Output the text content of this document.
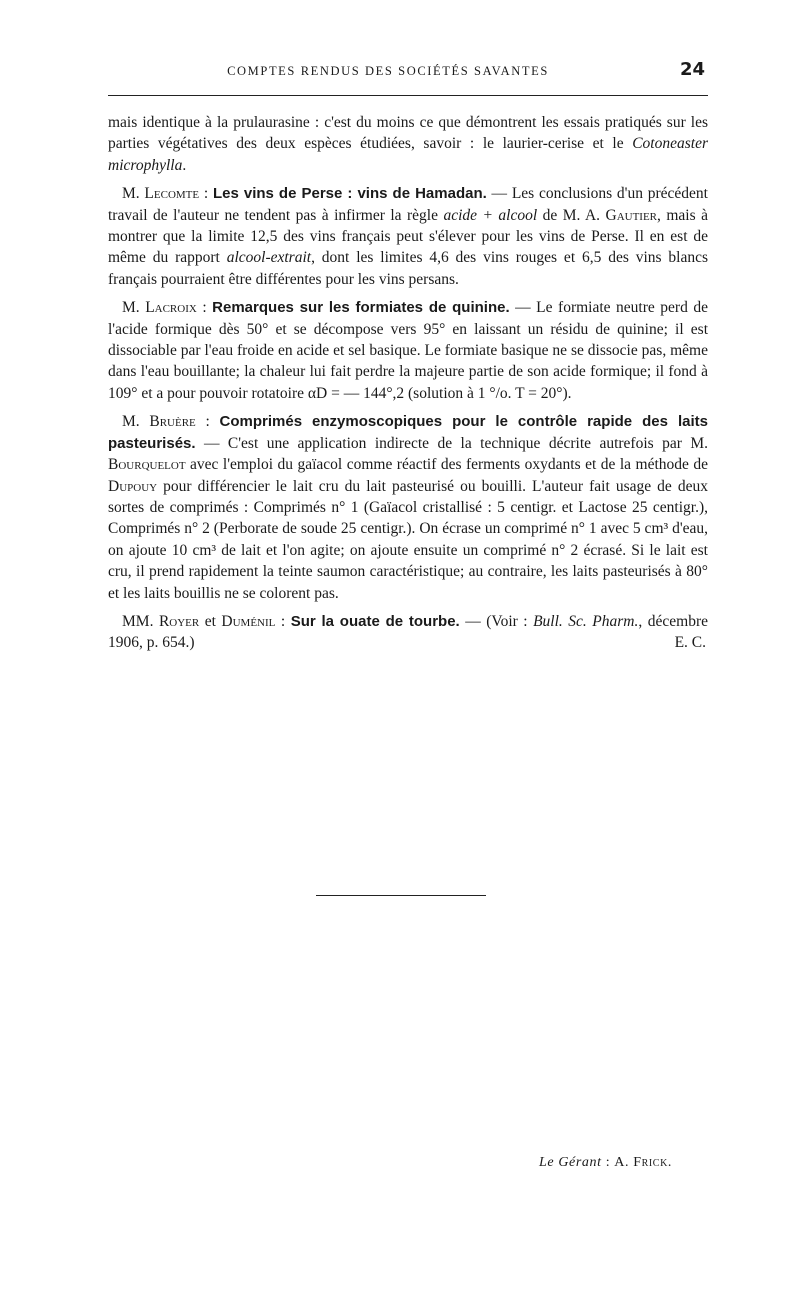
COMPTES RENDUS DES SOCIÉTÉS SAVANTES	24

mais identique à la prulaurasine : c'est du moins ce que démontrent les essais pratiqués sur les parties végétatives des deux espèces étudiées, savoir : le laurier-cerise et le Cotoneaster microphylla.

M. Lecomte : Les vins de Perse : vins de Hamadan. — Les conclusions d'un précédent travail de l'auteur ne tendent pas à infirmer la règle acide + alcool de M. A. Gautier, mais à montrer que la limite 12,5 des vins français peut s'élever pour les vins de Perse. Il en est de même du rapport alcool-extrait, dont les limites 4,6 des vins rouges et 6,5 des vins blancs français pourraient être différentes pour les vins persans.

M. Lacroix : Remarques sur les formiates de quinine. — Le formiate neutre perd de l'acide formique dès 50° et se décompose vers 95° en laissant un résidu de quinine; il est dissociable par l'eau froide en acide et sel basique. Le formiate basique ne se dissocie pas, même dans l'eau bouillante; la chaleur lui fait perdre la majeure partie de son acide formique; il fond à 109° et a pour pouvoir rotatoire αD = — 144°,2 (solution à 1 °/o. T = 20°).

M. Bruère : Comprimés enzymoscopiques pour le contrôle rapide des laits pasteurisés. — C'est une application indirecte de la technique décrite autrefois par M. Bourquelot avec l'emploi du gaïacol comme réactif des ferments oxydants et de la méthode de Dupouy pour différencier le lait cru du lait pasteurisé ou bouilli. L'auteur fait usage de deux sortes de comprimés : Comprimés n° 1 (Gaïacol cristallisé : 5 centigr. et Lactose 25 centigr.), Comprimés n° 2 (Perborate de soude 25 centigr.). On écrase un comprimé n° 1 avec 5 cm³ d'eau, on ajoute 10 cm³ de lait et l'on agite; on ajoute ensuite un comprimé n° 2 écrasé. Si le lait est cru, il prend rapidement la teinte saumon caractéristique; au contraire, les laits pasteurisés à 80° et les laits bouillis ne se colorent pas.

MM. Royer et Duménil : Sur la ouate de tourbe. — (Voir : Bull. Sc. Pharm., décembre 1906, p. 654.)	E. C.

Le Gérant : A. Frick.
